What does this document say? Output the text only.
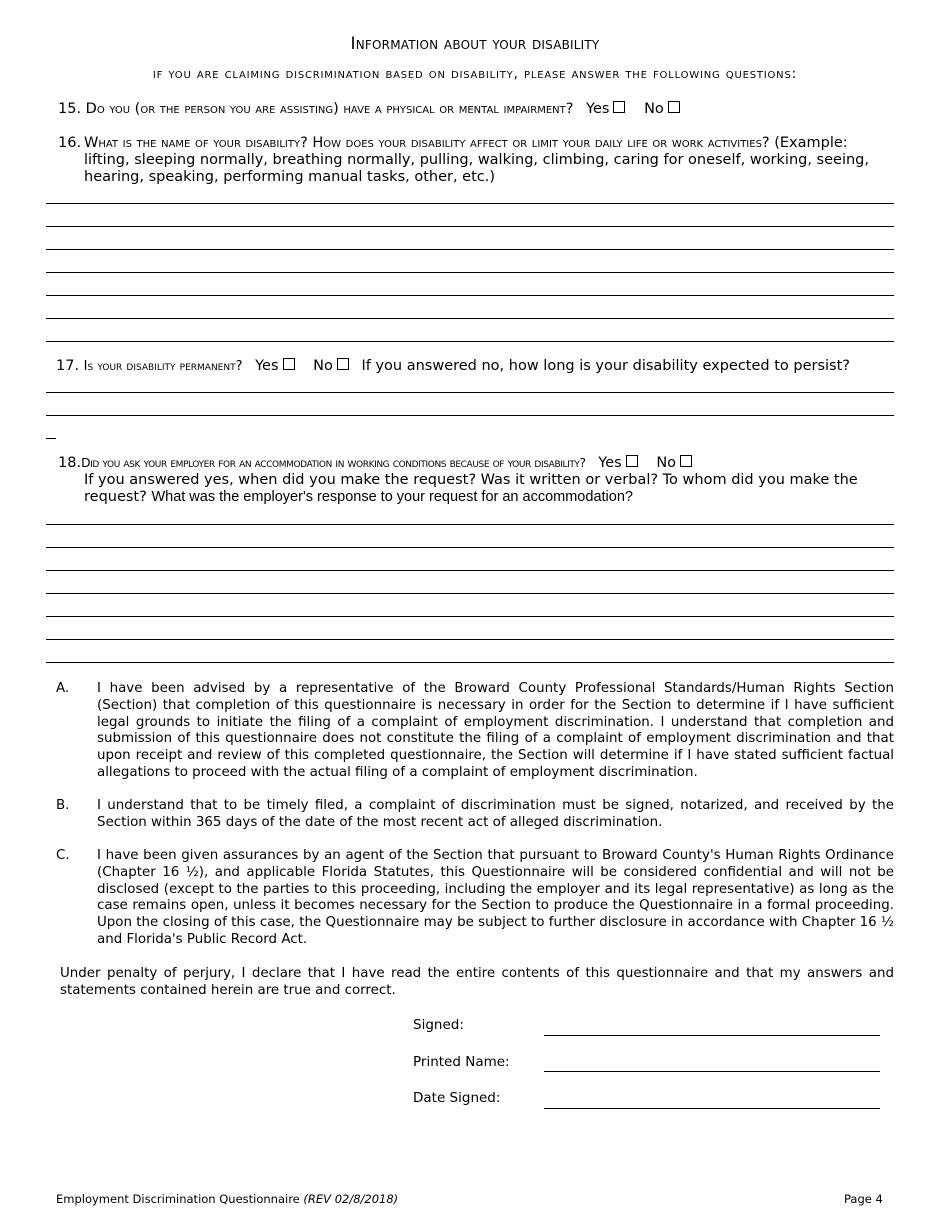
Information about your disability
if you are claiming discrimination based on disability, please answer the following questions:
15. Do you (or the person you are assisting) have a physical or mental impairment? Yes No
16. What is the name of your disability? How does your disability affect or limit your daily life or work activities? (Example: lifting, sleeping normally, breathing normally, pulling, walking, climbing, caring for oneself, working, seeing, hearing, speaking, performing manual tasks, other, etc.)
17. Is your disability permanent? Yes No If you answered no, how long is your disability expected to persist?
18.Did you ask your employer for an accommodation in working conditions because of your disability? Yes No
If you answered yes, when did you make the request? Was it written or verbal? To whom did you make the request? What was the employer's response to your request for an accommodation?
A. I have been advised by a representative of the Broward County Professional Standards/Human Rights Section (Section) that completion of this questionnaire is necessary in order for the Section to determine if I have sufficient legal grounds to initiate the filing of a complaint of employment discrimination. I understand that completion and submission of this questionnaire does not constitute the filing of a complaint of employment discrimination and that upon receipt and review of this completed questionnaire, the Section will determine if I have stated sufficient factual allegations to proceed with the actual filing of a complaint of employment discrimination.
B. I understand that to be timely filed, a complaint of discrimination must be signed, notarized, and received by the Section within 365 days of the date of the most recent act of alleged discrimination.
C. I have been given assurances by an agent of the Section that pursuant to Broward County's Human Rights Ordinance (Chapter 16 ½), and applicable Florida Statutes, this Questionnaire will be considered confidential and will not be disclosed (except to the parties to this proceeding, including the employer and its legal representative) as long as the case remains open, unless it becomes necessary for the Section to produce the Questionnaire in a formal proceeding. Upon the closing of this case, the Questionnaire may be subject to further disclosure in accordance with Chapter 16 ½ and Florida's Public Record Act.
Under penalty of perjury, I declare that I have read the entire contents of this questionnaire and that my answers and statements contained herein are true and correct.
Signed:
Printed Name:
Date Signed:
Employment Discrimination Questionnaire (REV 02/8/2018)	Page 4
